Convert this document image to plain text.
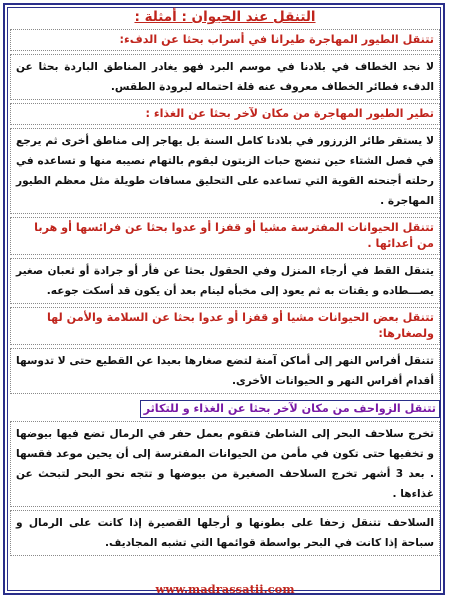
التنقل عند الحيوان : أمثلة :
تتنقل الطيور المهاجرة طيرانا في أسراب بحثا عن الدفء:
لا نجد الخطاف في بلادنا في موسم البرد فهو يغادر المناطق الباردة بحثا عن الدفء فطائر الخطاف معروف عنه قلة احتماله لبرودة الطقس.
تطير الطيور المهاجرة من مكان لآخر بحثا عن الغذاء :
لا يستقر طائر الزرزور في بلادنا كامل السنة بل يهاجر إلى مناطق أخرى ثم يرجع في فصل الشتاء حين تنضج حبات الزيتون ليقوم بالتهام نصيبه منها و تساعده في رحلته أجنحته القوية التي تساعده على التحليق مسافات طويلة مثل معظم الطيور المهاجرة .
تتنقل الحيوانات المفترسة مشيا أو قفزا أو عدوا بحثا عن فرائسها أو هربا من أعدائها .
يتنقل القط في أرجاء المنزل وفي الحقول بحثا عن فأر أو جرادة أو ثعبان صغير يصـــطاده و يقتات به ثم يعود إلى مخبأه لينام بعد أن يكون قد أسكت جوعه.
تتنقل بعض الحيوانات مشيا أو قفزا أو عدوا بحثا عن السلامة والأمن لها ولصغارها:
تتنقل أفراس النهر إلى أماكن آمنة لتضع صغارها بعيدا عن القطيع حتى لا تدوسها أقدام أفراس النهر و الحيوانات الأخرى.
تتنقل الزواحف من مكان لآخر بحثا عن الغذاء و للتكاثر
تخرج سلاحف البحر إلى الشاطئ فتقوم بعمل حفر في الرمال تضع فيها بيوضها و تخفيها حتى تكون في مأمن من الحيوانات المفترسة إلى أن يحين موعد فقسها . بعد 3 أشهر تخرج السلاحف الصغيرة من بيوضها و تتجه نحو البحر لتبحث عن غذاءها .
السلاحف تتنقل زحفا على بطونها و أرجلها القصيرة إذا كانت على الرمال و سباحة إذا كانت في البحر بواسطة قوائمها التي تشبه المجاديف.
www.madrassatii.com
